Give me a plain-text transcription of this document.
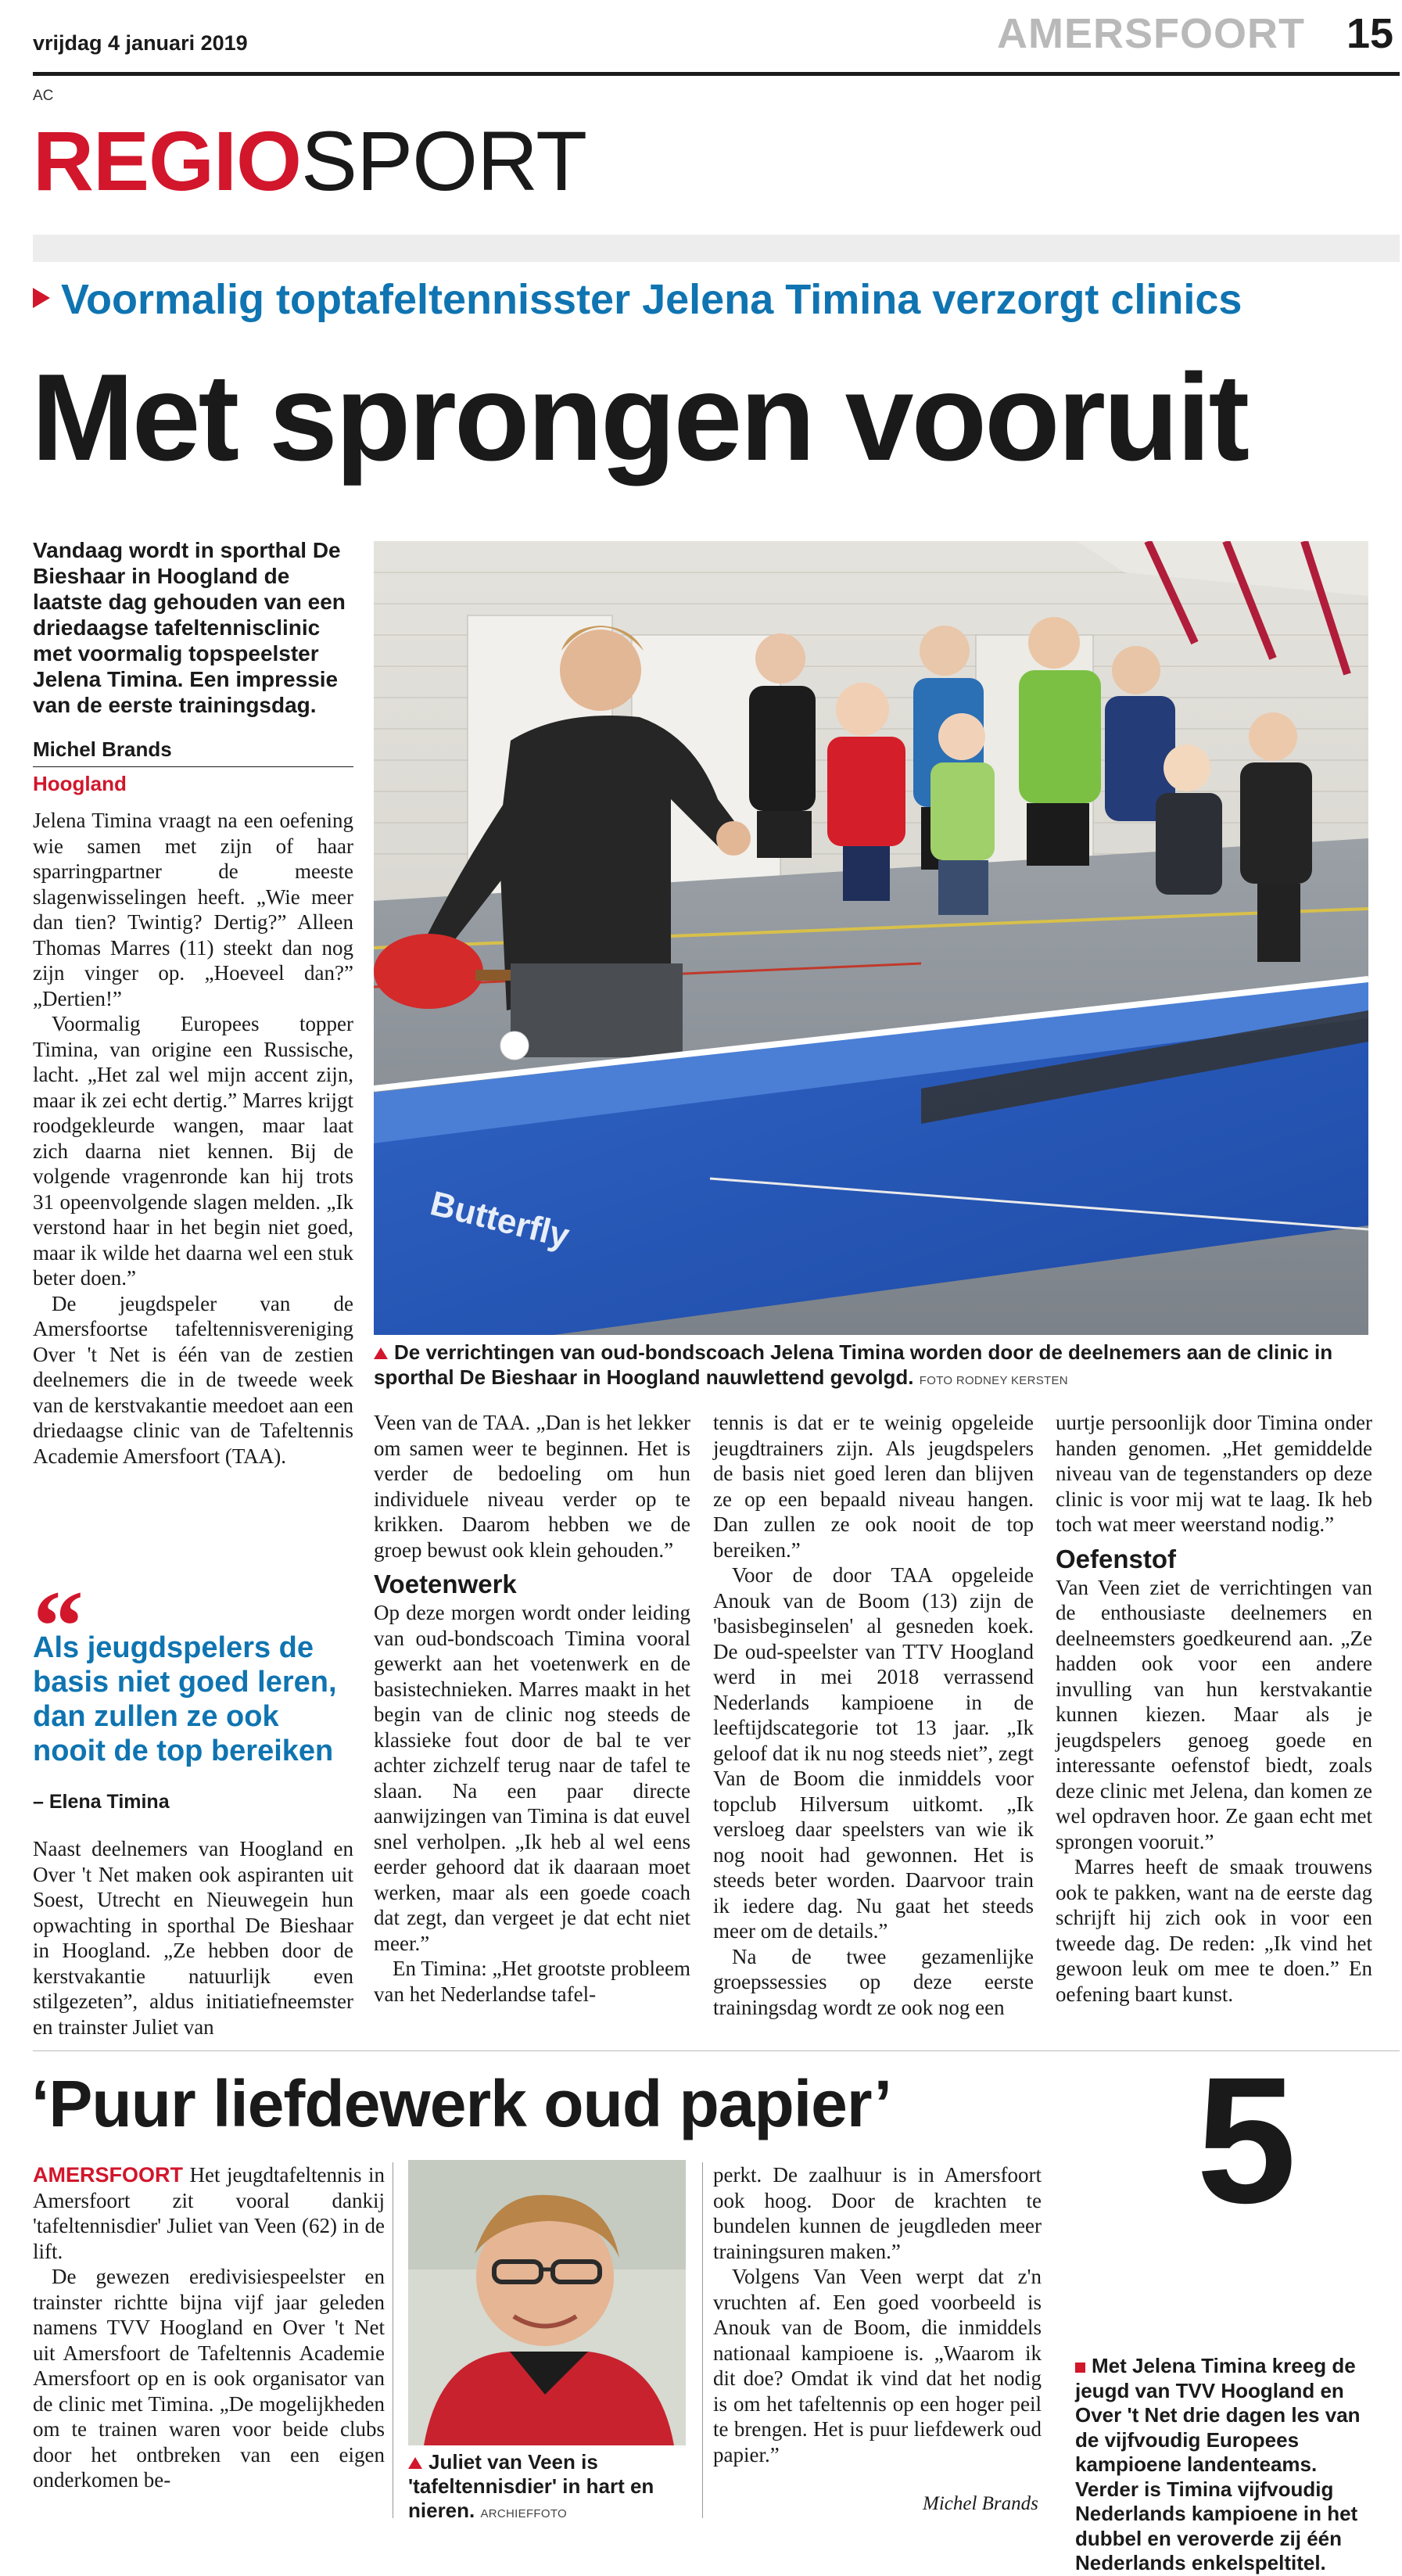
vrijdag 4 januari 2019	AMERSFOORT 15
AC
REGIOSPORT
Voormalig toptafeltennisster Jelena Timina verzorgt clinics
Met sprongen vooruit
Vandaag wordt in sporthal De Bieshaar in Hoogland de laatste dag gehouden van een driedaagse tafeltennisclinic met voormalig topspeelster Jelena Timina. Een impressie van de eerste trainingsdag.
Michel Brands
Hoogland

Jelena Timina vraagt na een oefening wie samen met zijn of haar sparringpartner de meeste slagenwisselingen heeft. „Wie meer dan tien? Twintig? Dertig?” Alleen Thomas Marres (11) steekt dan nog zijn vinger op. „Hoeveel dan?” „Dertien!”

Voormalig Europees topper Timina, van origine een Russische, lacht. „Het zal wel mijn accent zijn, maar ik zei echt dertig.” Marres krijgt roodgekleurde wangen, maar laat zich daarna niet kennen. Bij de volgende vragenronde kan hij trots 31 opeenvolgende slagen melden. „Ik verstond haar in het begin niet goed, maar ik wilde het daarna wel een stuk beter doen.”

De jeugdspeler van de Amersfoortse tafeltennisvereniging Over 't Net is één van de zestien deelnemers die in de tweede week van de kerstvakantie meedoet aan een driedaagse clinic van de Tafeltennis Academie Amersfoort (TAA).

“
Als jeugdspelers de basis niet goed leren, dan zullen ze ook nooit de top bereiken
– Elena Timina

Naast deelnemers van Hoogland en Over 't Net maken ook aspiranten uit Soest, Utrecht en Nieuwegein hun opwachting in sporthal De Bieshaar in Hoogland. „Ze hebben door de kerstvakantie natuurlijk even stilgezeten”, aldus initiatiefneemster en trainster Juliet van

Butterfly
De verrichtingen van oud-bondscoach Jelena Timina worden door de deelnemers aan de clinic in sporthal De Bieshaar in Hoogland nauwlettend gevolgd. FOTO RODNEY KERSTEN

Veen van de TAA. „Dan is het lekker om samen weer te beginnen. Het is verder de bedoeling om hun individuele niveau verder op te krikken. Daarom hebben we de groep bewust ook klein gehouden.”

Voetenwerk

Op deze morgen wordt onder leiding van oud-bondscoach Timina vooral gewerkt aan het voetenwerk en de basistechnieken. Marres maakt in het begin van de clinic nog steeds de klassieke fout door de bal te ver achter zichzelf terug naar de tafel te slaan. Na een paar directe aanwijzingen van Timina is dat euvel snel verholpen. „Ik heb al wel eens eerder gehoord dat ik daaraan moet werken, maar als een goede coach dat zegt, dan vergeet je dat echt niet meer.”

En Timina: „Het grootste probleem van het Nederlandse tafel-

tennis is dat er te weinig opgeleide jeugdtrainers zijn. Als jeugdspelers de basis niet goed leren dan blijven ze op een bepaald niveau hangen. Dan zullen ze ook nooit de top bereiken.”

Voor de door TAA opgeleide Anouk van de Boom (13) zijn de 'basisbeginselen' al gesneden koek. De oud-speelster van TTV Hoogland werd in mei 2018 verrassend Nederlands kampioene in de leeftijdscategorie tot 13 jaar. „Ik geloof dat ik nu nog steeds niet”, zegt Van de Boom die inmiddels voor topclub Hilversum uitkomt. „Ik versloeg daar speelsters van wie ik nog nooit had gewonnen. Het is steeds beter worden. Daarvoor train ik iedere dag. Nu gaat het steeds meer om de details.”

Na de twee gezamenlijke groepssessies op deze eerste trainingsdag wordt ze ook nog een

uurtje persoonlijk door Timina onder handen genomen. „Het gemiddelde niveau van de tegenstanders op deze clinic is voor mij wat te laag. Ik heb toch wat meer weerstand nodig.”

Oefenstof

Van Veen ziet de verrichtingen van de enthousiaste deelnemers en deelneemsters goedkeurend aan. „Ze hadden ook voor een andere invulling van hun kerstvakantie kunnen kiezen. Maar als je jeugdspelers genoeg goede en interessante oefenstof biedt, zoals deze clinic met Jelena, dan komen ze wel opdraven hoor. Ze gaan echt met sprongen vooruit.”

Marres heeft de smaak trouwens ook te pakken, want na de eerste dag schrijft hij zich ook in voor een tweede dag. De reden: „Ik vind het gewoon leuk om mee te doen.” En oefening baart kunst.

‘Puur liefdewerk oud papier’

AMERSFOORT Het jeugdtafeltennis in Amersfoort zit vooral dankij 'tafeltennisdier' Juliet van Veen (62) in de lift.

De gewezen eredivisiespeelster en trainster richtte bijna vijf jaar geleden namens TVV Hoogland en Over 't Net uit Amersfoort de Tafeltennis Academie Amersfoort op en is ook organisator van de clinic met Timina. „De mogelijkheden om te trainen waren voor beide clubs door het ontbreken van een eigen onderkomen be-

Juliet van Veen is 'tafeltennisdier' in hart en nieren. ARCHIEFFOTO

perkt. De zaalhuur is in Amersfoort ook hoog. Door de krachten te bundelen kunnen de jeugdleden meer trainingsuren maken.”

Volgens Van Veen werpt dat z'n vruchten af. Een goed voorbeeld is Anouk van de Boom, die inmiddels nationaal kampioene is. „Waarom ik dit doe? Omdat ik vind dat het nodig is om het tafeltennis op een hoger peil te brengen. Het is puur liefdewerk oud papier.”

Michel Brands
5
Met Jelena Timina kreeg de jeugd van TVV Hoogland en Over 't Net drie dagen les van de vijfvoudig Europees kampioene landenteams. Verder is Timina vijfvoudig Nederlands kampioene in het dubbel en veroverde zij één Nederlands enkelspeltitel.
